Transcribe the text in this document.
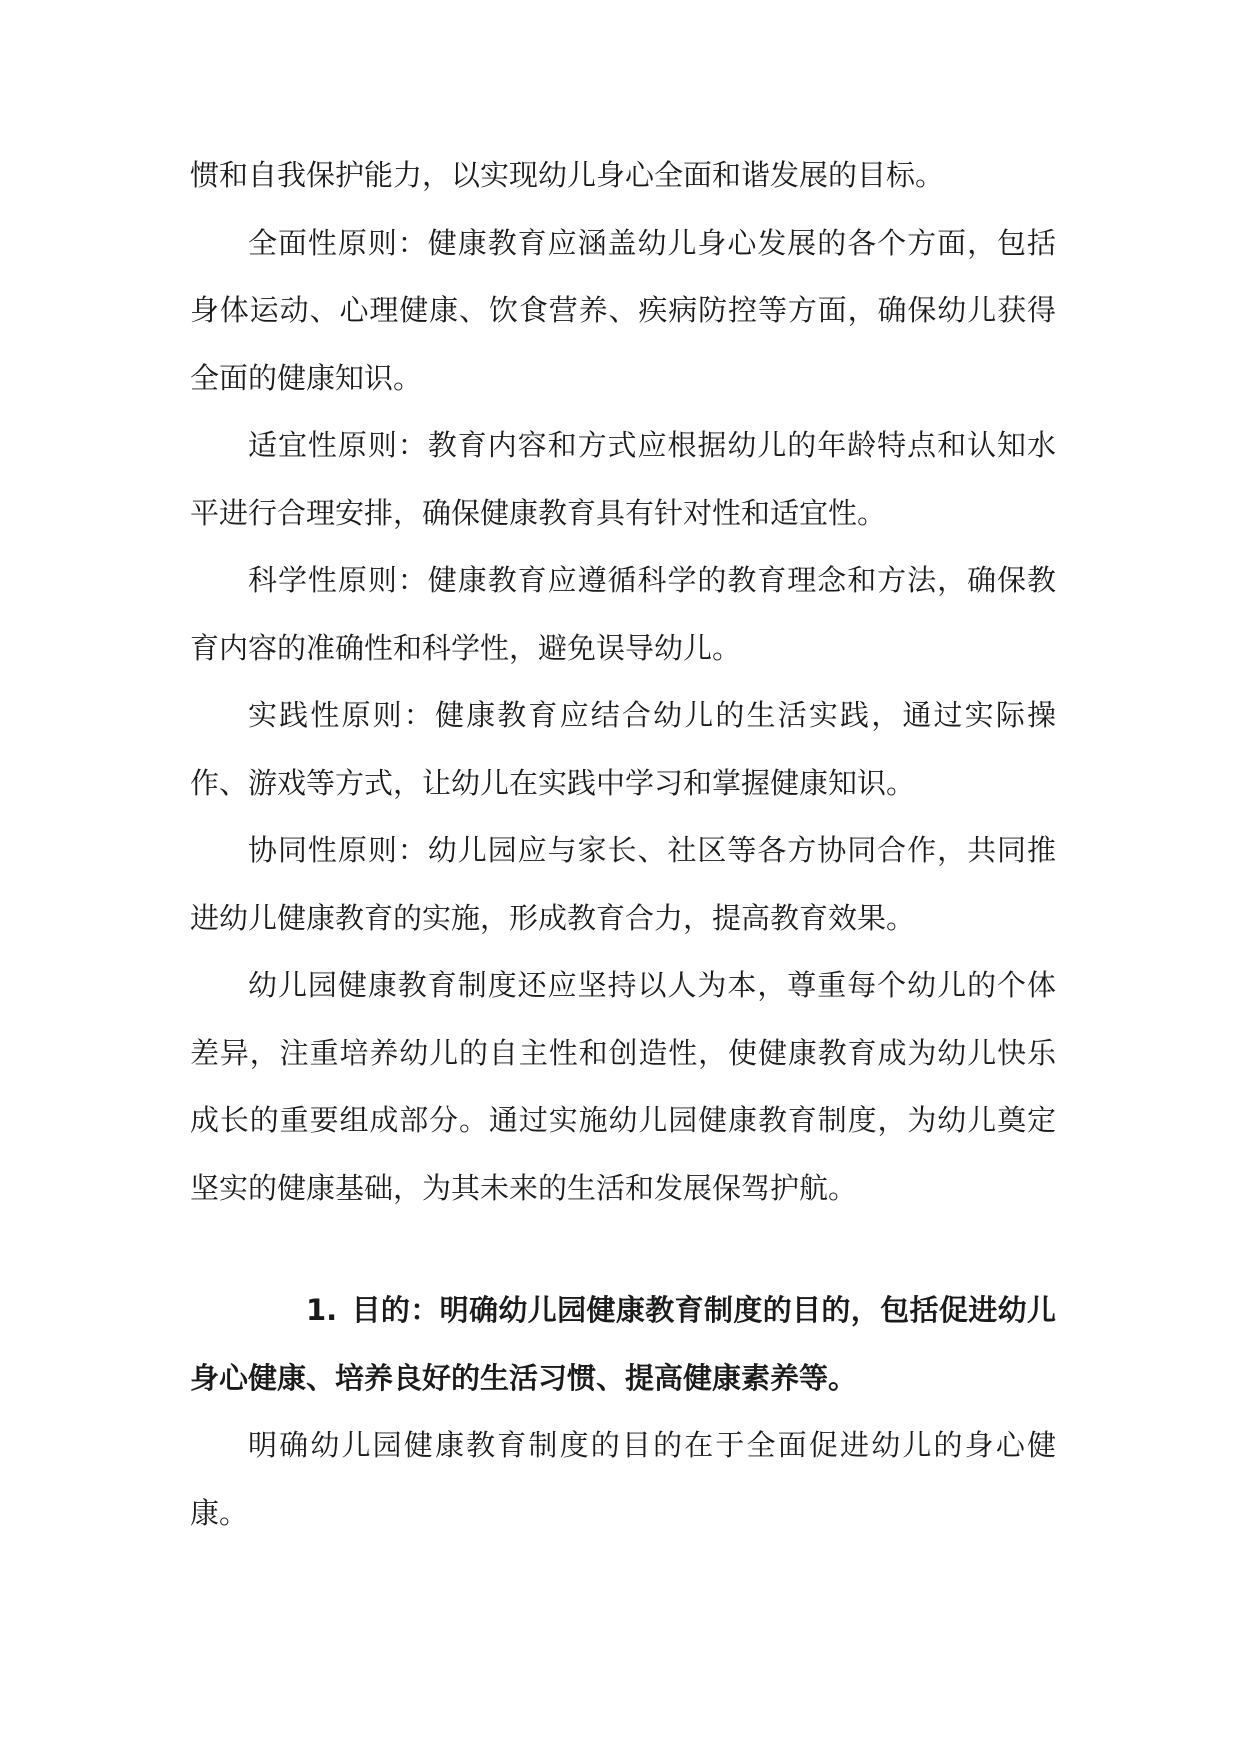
惯和自我保护能力，以实现幼儿身心全面和谐发展的目标。

全面性原则：健康教育应涵盖幼儿身心发展的各个方面，包括身体运动、心理健康、饮食营养、疾病防控等方面，确保幼儿获得全面的健康知识。

适宜性原则：教育内容和方式应根据幼儿的年龄特点和认知水平进行合理安排，确保健康教育具有针对性和适宜性。

科学性原则：健康教育应遵循科学的教育理念和方法，确保教育内容的准确性和科学性，避免误导幼儿。

实践性原则：健康教育应结合幼儿的生活实践，通过实际操作、游戏等方式，让幼儿在实践中学习和掌握健康知识。

协同性原则：幼儿园应与家长、社区等各方协同合作，共同推进幼儿健康教育的实施，形成教育合力，提高教育效果。

幼儿园健康教育制度还应坚持以人为本，尊重每个幼儿的个体差异，注重培养幼儿的自主性和创造性，使健康教育成为幼儿快乐成长的重要组成部分。通过实施幼儿园健康教育制度，为幼儿奠定坚实的健康基础，为其未来的生活和发展保驾护航。

1. 目的：明确幼儿园健康教育制度的目的，包括促进幼儿身心健康、培养良好的生活习惯、提高健康素养等。

明确幼儿园健康教育制度的目的在于全面促进幼儿的身心健康。
